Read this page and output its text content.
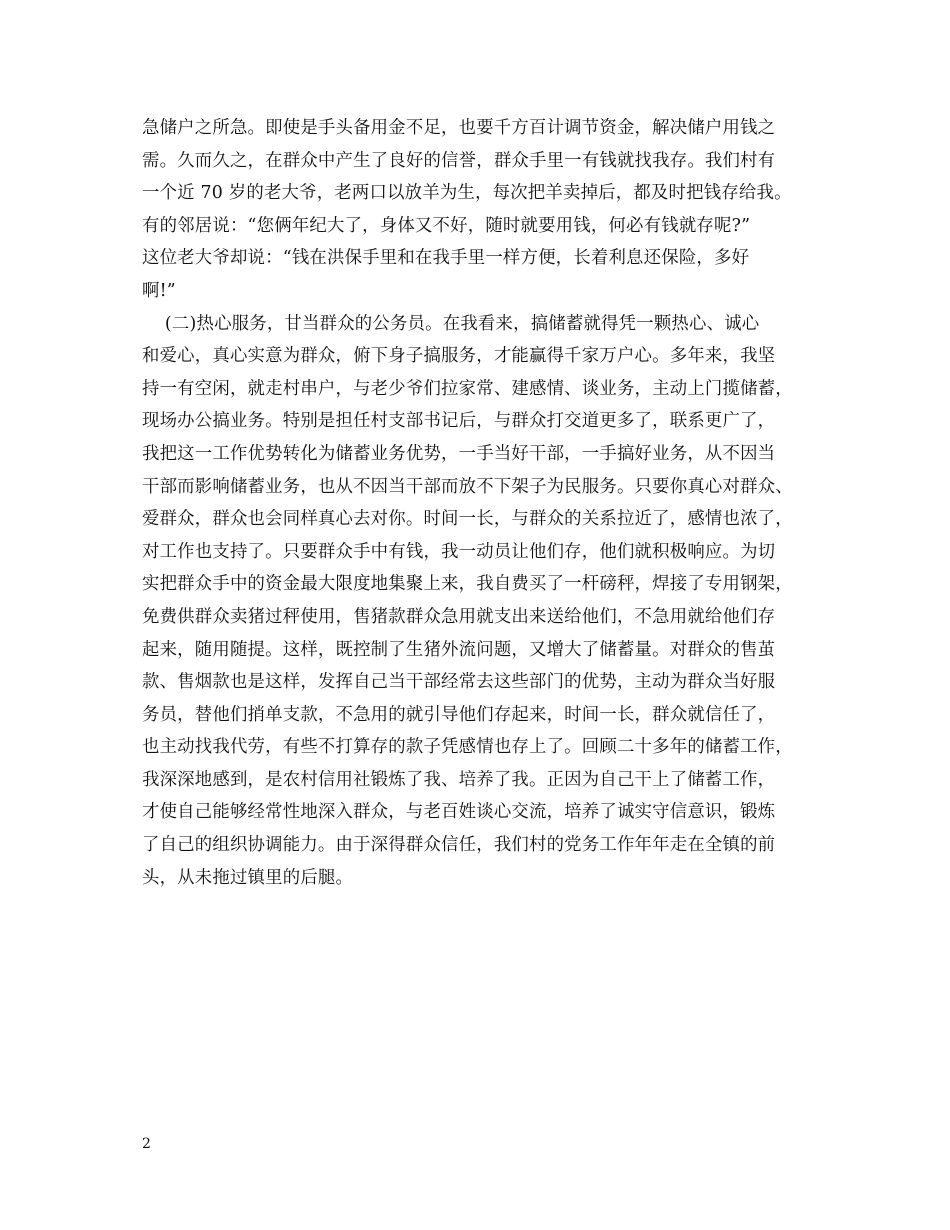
急储户之所急。即使是手头备用金不足，也要千方百计调节资金，解决储户用钱之
需。久而久之，在群众中产生了良好的信誉，群众手里一有钱就找我存。我们村有
一个近 70 岁的老大爷，老两口以放羊为生，每次把羊卖掉后，都及时把钱存给我。
有的邻居说：“您俩年纪大了，身体又不好，随时就要用钱，何必有钱就存呢?”
这位老大爷却说：“钱在洪保手里和在我手里一样方便，长着利息还保险，多好
啊!”
(二)热心服务，甘当群众的公务员。在我看来，搞储蓄就得凭一颗热心、诚心
和爱心，真心实意为群众，俯下身子搞服务，才能赢得千家万户心。多年来，我坚
持一有空闲，就走村串户，与老少爷们拉家常、建感情、谈业务，主动上门揽储蓄，
现场办公搞业务。特别是担任村支部书记后，与群众打交道更多了，联系更广了，
我把这一工作优势转化为储蓄业务优势，一手当好干部，一手搞好业务，从不因当
干部而影响储蓄业务，也从不因当干部而放不下架子为民服务。只要你真心对群众、
爱群众，群众也会同样真心去对你。时间一长，与群众的关系拉近了，感情也浓了，
对工作也支持了。只要群众手中有钱，我一动员让他们存，他们就积极响应。为切
实把群众手中的资金最大限度地集聚上来，我自费买了一杆磅秤，焊接了专用钢架，
免费供群众卖猪过秤使用，售猪款群众急用就支出来送给他们，不急用就给他们存
起来，随用随提。这样，既控制了生猪外流问题，又增大了储蓄量。对群众的售茧
款、售烟款也是这样，发挥自己当干部经常去这些部门的优势，主动为群众当好服
务员，替他们捎单支款，不急用的就引导他们存起来，时间一长，群众就信任了，
也主动找我代劳，有些不打算存的款子凭感情也存上了。回顾二十多年的储蓄工作，
我深深地感到，是农村信用社锻炼了我、培养了我。正因为自己干上了储蓄工作，
才使自己能够经常性地深入群众，与老百姓谈心交流，培养了诚实守信意识，锻炼
了自己的组织协调能力。由于深得群众信任，我们村的党务工作年年走在全镇的前
头，从未拖过镇里的后腿。
2
